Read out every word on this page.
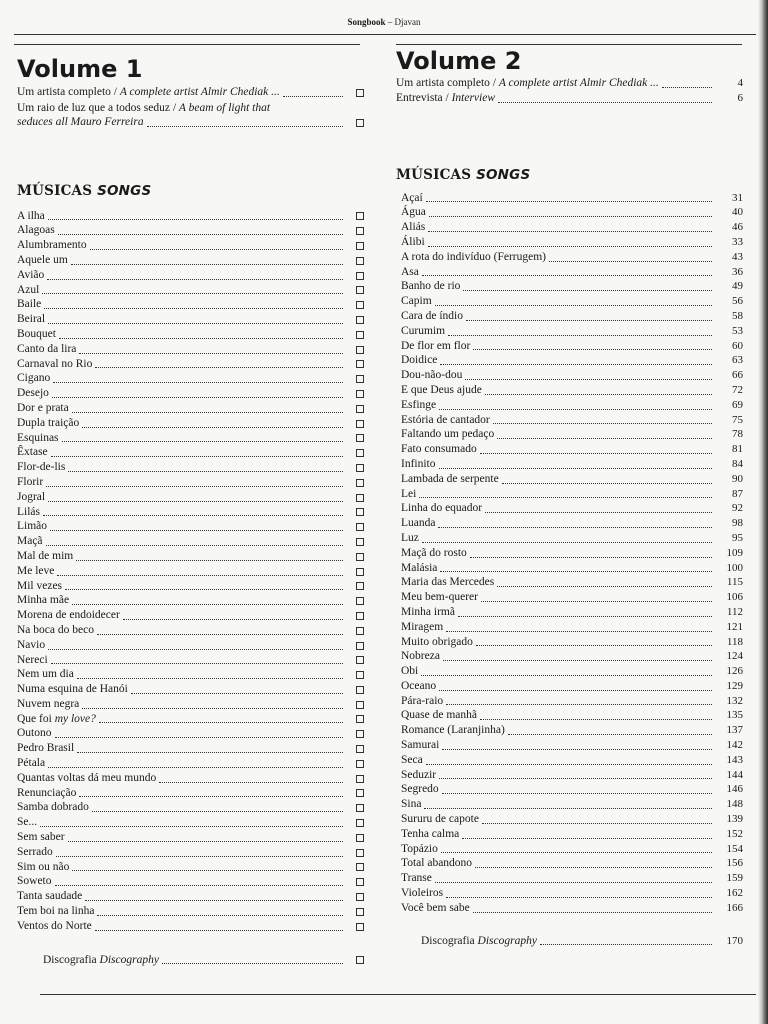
Songbook – Djavan
Volume 1
Um artista completo / A complete artist Almir Chediak ...
Um raio de luz que a todos seduz / A beam of light that
seduces all Mauro Ferreira
MÚSICAS SONGS
A ilha
Alagoas
Alumbramento
Aquele um
Avião
Azul
Baile
Beiral
Bouquet
Canto da lira
Carnaval no Rio
Cigano
Desejo
Dor e prata
Dupla traição
Esquinas
Êxtase
Flor-de-lis
Florir
Jogral
Lilás
Limão
Maçã
Mal de mim
Me leve
Mil vezes
Minha mãe
Morena de endoidecer
Na boca do beco
Navio
Nereci
Nem um dia
Numa esquina de Hanói
Nuvem negra
Que foi my love?
Outono
Pedro Brasil
Pétala
Quantas voltas dá meu mundo
Renunciação
Samba dobrado
Se...
Sem saber
Serrado
Sim ou não
Soweto
Tanta saudade
Tem boi na linha
Ventos do Norte
Discografia Discography
Volume 2
Um artista completo / A complete artist Almir Chediak ...	4
Entrevista / Interview	6
MÚSICAS SONGS
Açaí	31
Água	40
Aliás	46
Álibi	33
A rota do indivíduo (Ferrugem)	43
Asa	36
Banho de rio	49
Capim	56
Cara de índio	58
Curumim	53
De flor em flor	60
Doidice	63
Dou-não-dou	66
E que Deus ajude	72
Esfinge	69
Estória de cantador	75
Faltando um pedaço	78
Fato consumado	81
Infinito	84
Lambada de serpente	90
Lei	87
Linha do equador	92
Luanda	98
Luz	95
Maçã do rosto	109
Malásia	100
Maria das Mercedes	115
Meu bem-querer	106
Minha irmã	112
Miragem	121
Muito obrigado	118
Nobreza	124
Obi	126
Oceano	129
Pára-raio	132
Quase de manhã	135
Romance (Laranjinha)	137
Samurai	142
Seca	143
Seduzir	144
Segredo	146
Sina	148
Sururu de capote	139
Tenha calma	152
Topázio	154
Total abandono	156
Transe	159
Violeiros	162
Você bem sabe	166
Discografia Discography	170
